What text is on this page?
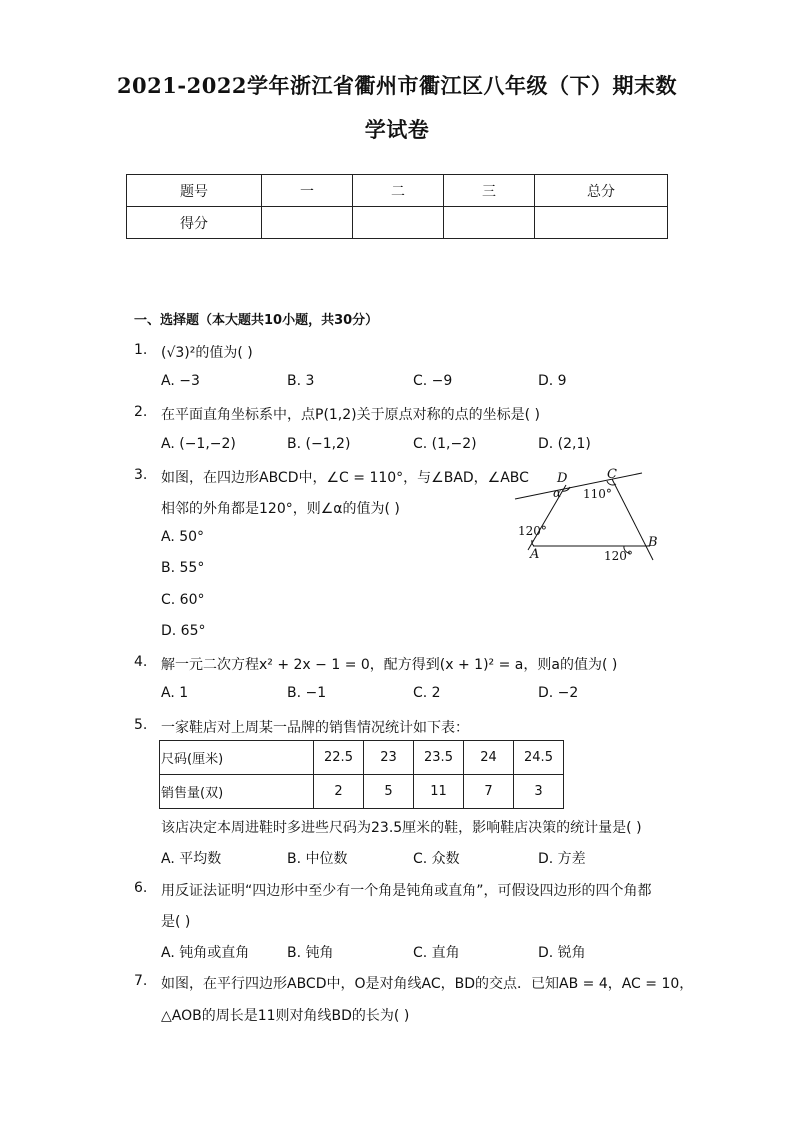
2021-2022学年浙江省衢州市衢江区八年级（下）期末数
学试卷
题号	一	二	三	总分
得分				
一、选择题（本大题共10小题，共30分）
1. (√3)²的值为( )
A. −3	B. 3	C. −9	D. 9
2. 在平面直角坐标系中，点P(1,2)关于原点对称的点的坐标是( )
A. (−1,−2)	B. (−1,2)	C. (1,−2)	D. (2,1)
3. 如图，在四边形ABCD中，∠C = 110°，与∠BAD，∠ABC
相邻的外角都是120°，则∠α的值为( )
A. 50°
B. 55°
C. 60°
D. 65°
D	C
A
B
α 110°
120°
120°
4. 解一元二次方程x² + 2x − 1 = 0，配方得到(x + 1)² = a，则a的值为( )
A. 1	B. −1	C. 2	D. −2
5. 一家鞋店对上周某一品牌的销售情况统计如下表：
尺码(厘米)	22.5	23	23.5	24	24.5
销售量(双)	2	5	11	7	3
该店决定本周进鞋时多进些尺码为23.5厘米的鞋，影响鞋店决策的统计量是( )
A. 平均数	B. 中位数	C. 众数	D. 方差
6. 用反证法证明“四边形中至少有一个角是钝角或直角”，可假设四边形的四个角都
是( )
A. 钝角或直角	B. 钝角	C. 直角	D. 锐角
7. 如图，在平行四边形ABCD中，O是对角线AC，BD的交点．已知AB = 4，AC = 10，
△AOB的周长是11则对角线BD的长为( )
